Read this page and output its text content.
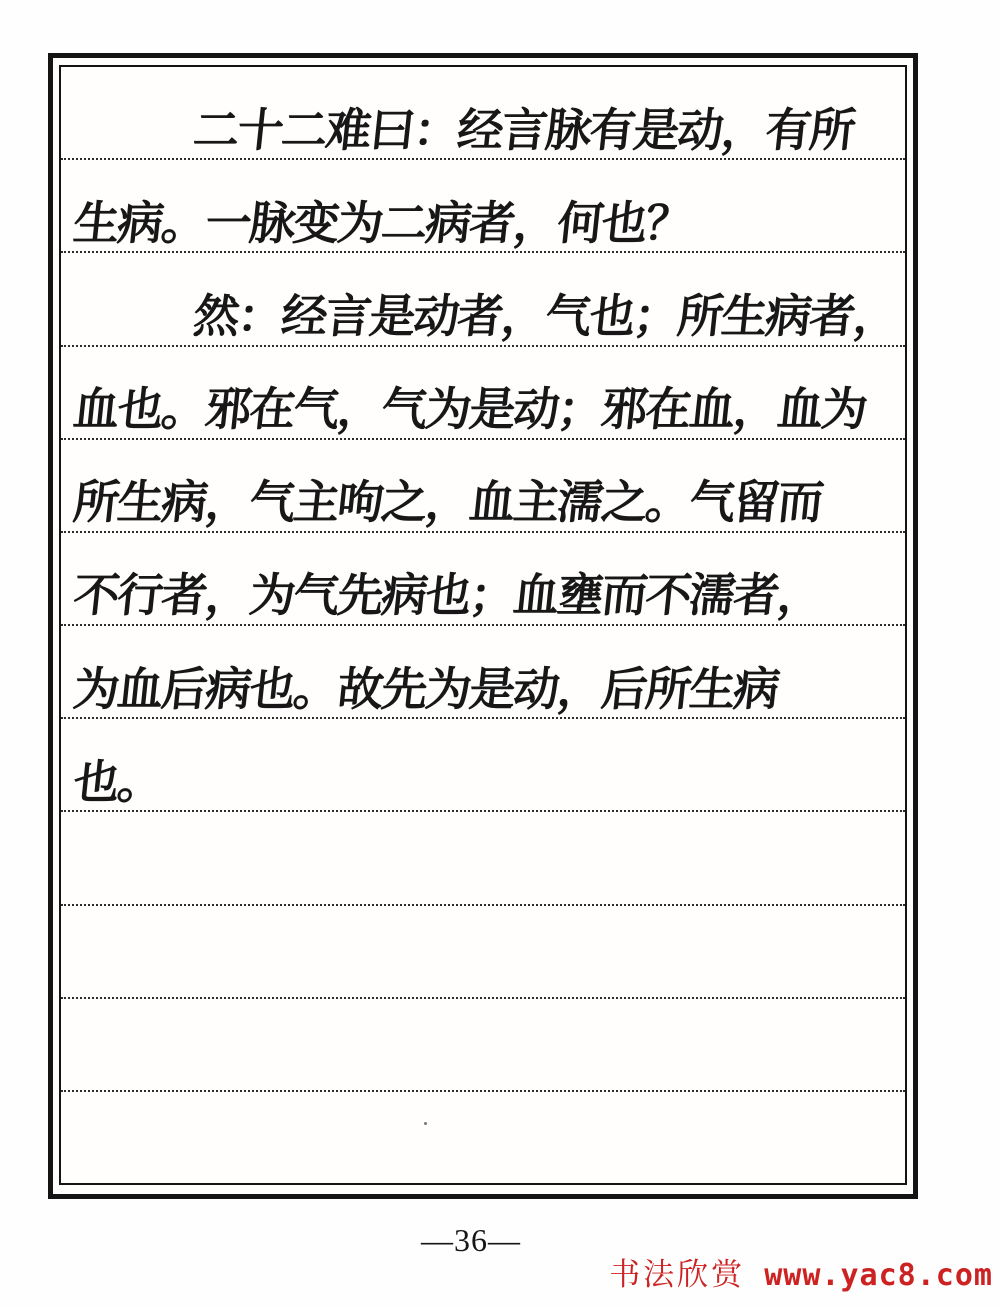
二十二难曰：经言脉有是动，有所
生病。一脉变为二病者，何也？
然：经言是动者，气也；所生病者，
血也。邪在气，气为是动；邪在血，血为
所生病，气主呴之，血主濡之。气留而
不行者，为气先病也；血壅而不濡者，
为血后病也。故先为是动，后所生病
也。
—36—
书法欣赏 www.yac8.com
